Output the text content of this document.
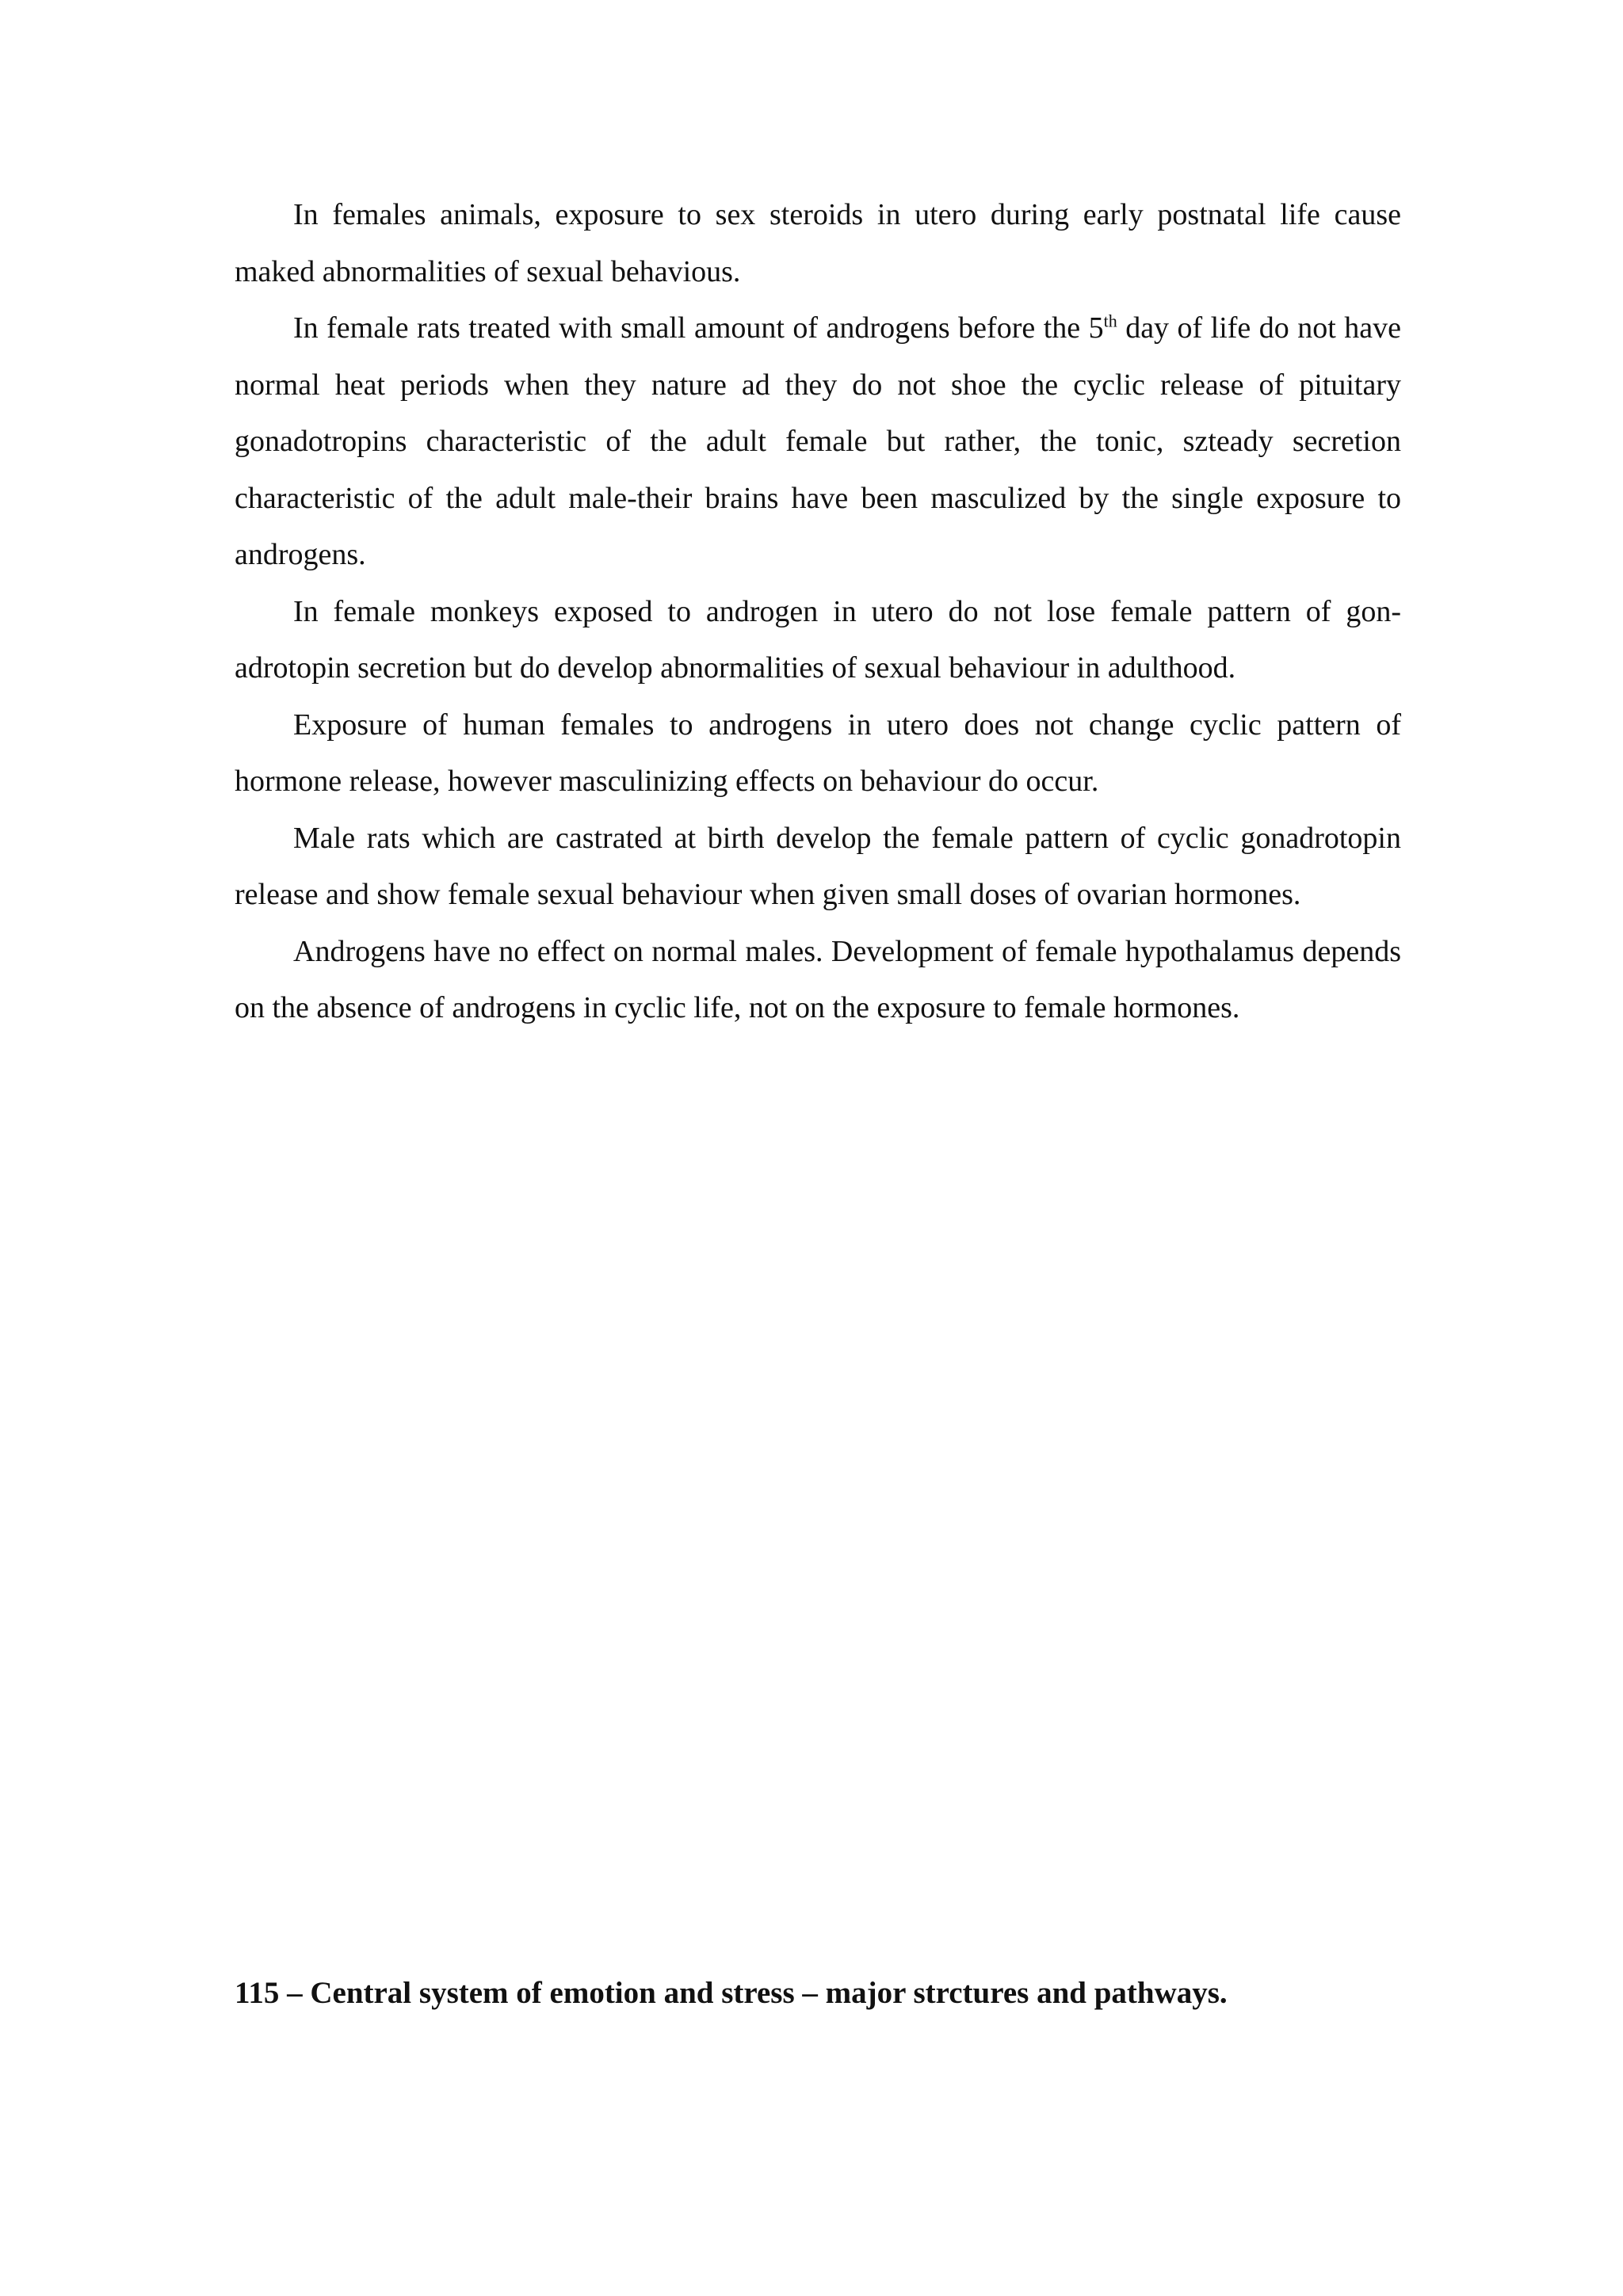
In females animals, exposure to sex steroids in utero during early postnatal life cause maked abnormalities of sexual behavious.

In female rats treated with small amount of androgens before the 5th day of life do not have normal heat periods when they nature ad they do not shoe the cyclic release of pituitary gonadotropins characteristic of the adult female but rather, the tonic, szteady secretion characteristic of the adult male-their brains have been masculized by the single exposure to androgens.

In female monkeys exposed to androgen in utero do not lose female pattern of gonadrotopin secretion but do develop abnormalities of sexual behaviour in adulthood.

Exposure of human females to androgens in utero does not change cyclic pattern of hormone release, however masculinizing effects on behaviour do occur.

Male rats which are castrated at birth develop the female pattern of cyclic gonadrotopin release and show female sexual behaviour when given small doses of ovarian hormones.

Androgens have no effect on normal males. Development of female hypothalamus depends on the absence of androgens in cyclic life, not on the exposure to female hormones.

115 – Central system of emotion and stress – major strctures and pathways.
